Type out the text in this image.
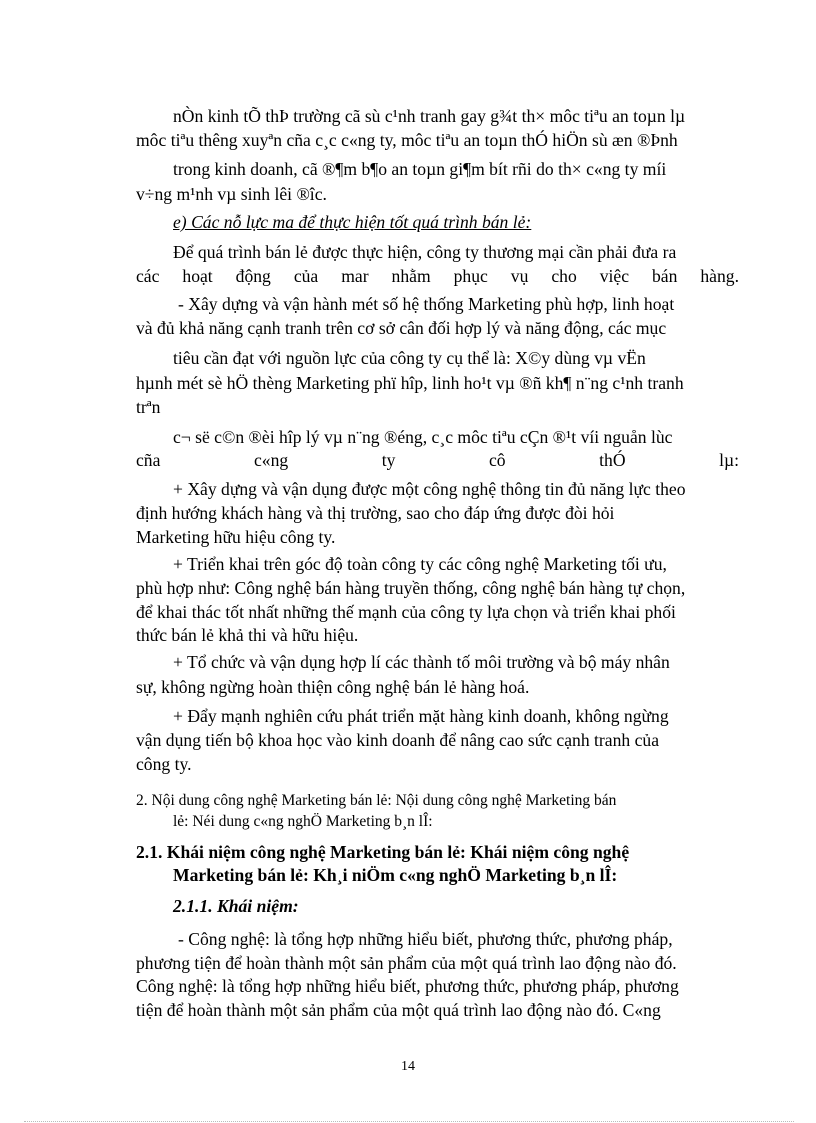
nÒn kinh tÕ thÞ trường cã sù c¹nh tranh gay g¾t th× môc tiªu an toµn lµ
môc tiªu thêng xuyªn cña c¸c c«ng ty, môc tiªu an toµn thÓ hiÖn sù æn ®Þnh
trong kinh doanh, cã ®¶m b¶o an toµn gi¶m bít rñi do th× c«ng ty míi
v÷ng m¹nh vµ sinh lêi ®îc.
e) Các nỗ lực ma để thực hiện tốt quá trình bán lẻ:
Để quá trình bán lẻ được thực hiện, công ty thương mại cần phải đưa ra
các hoạt động của mar nhằm phục vụ cho việc bán hàng.
- Xây dựng và vận hành mét số hệ thống Marketing phù hợp, linh hoạt
và đủ khả năng cạnh tranh trên cơ sở cân đối hợp lý và năng động, các mục
tiêu cần đạt với nguồn lực của công ty cụ thể là: X©y dùng vµ vËn
hµnh mét sè hÖ thèng Marketing phï hîp, linh ho¹t vµ ®ñ kh¶ n¨ng c¹nh tranh
trªn
c¬ së c©n ®èi hîp lý vµ n¨ng ®éng, c¸c môc tiªu cÇn ®¹t víi nguån lùc
cña c«ng ty cô thÓ lµ:
+ Xây dựng và vận dụng được một công nghệ thông tin đủ năng lực theo
định hướng khách hàng và thị trường, sao cho đáp ứng được đòi hỏi
Marketing hữu hiệu công ty.
+ Triển khai trên góc độ toàn công ty các công nghệ Marketing tối ưu,
phù hợp như: Công nghệ bán hàng truyền thống, công nghệ bán hàng tự chọn,
để khai thác tốt nhất những thế mạnh của công ty lựa chọn và triển khai phối
thức bán lẻ khả thi và hữu hiệu.
+ Tổ chức và vận dụng hợp lí các thành tố môi trường và bộ máy nhân
sự, không ngừng hoàn thiện công nghệ bán lẻ hàng hoá.
+ Đẩy mạnh nghiên cứu phát triển mặt hàng kinh doanh, không ngừng
vận dụng tiến bộ khoa học vào kinh doanh để nâng cao sức cạnh tranh của
công ty.
2. Nội dung công nghệ Marketing bán lẻ: Nội dung công nghệ Marketing bán
lẻ: Néi dung c«ng nghÖ Marketing b¸n lÎ:
2.1. Khái niệm công nghệ Marketing bán lẻ: Khái niệm công nghệ
Marketing bán lẻ: Kh¸i niÖm c«ng nghÖ Marketing b¸n lÎ:
2.1.1. Khái niệm:
- Công nghệ: là tổng hợp những hiểu biết, phương thức, phương pháp,
phương tiện để hoàn thành một sản phẩm của một quá trình lao động nào đó.
Công nghệ: là tổng hợp những hiểu biết, phương thức, phương pháp, phương
tiện để hoàn thành một sản phẩm của một quá trình lao động nào đó. C«ng
14
